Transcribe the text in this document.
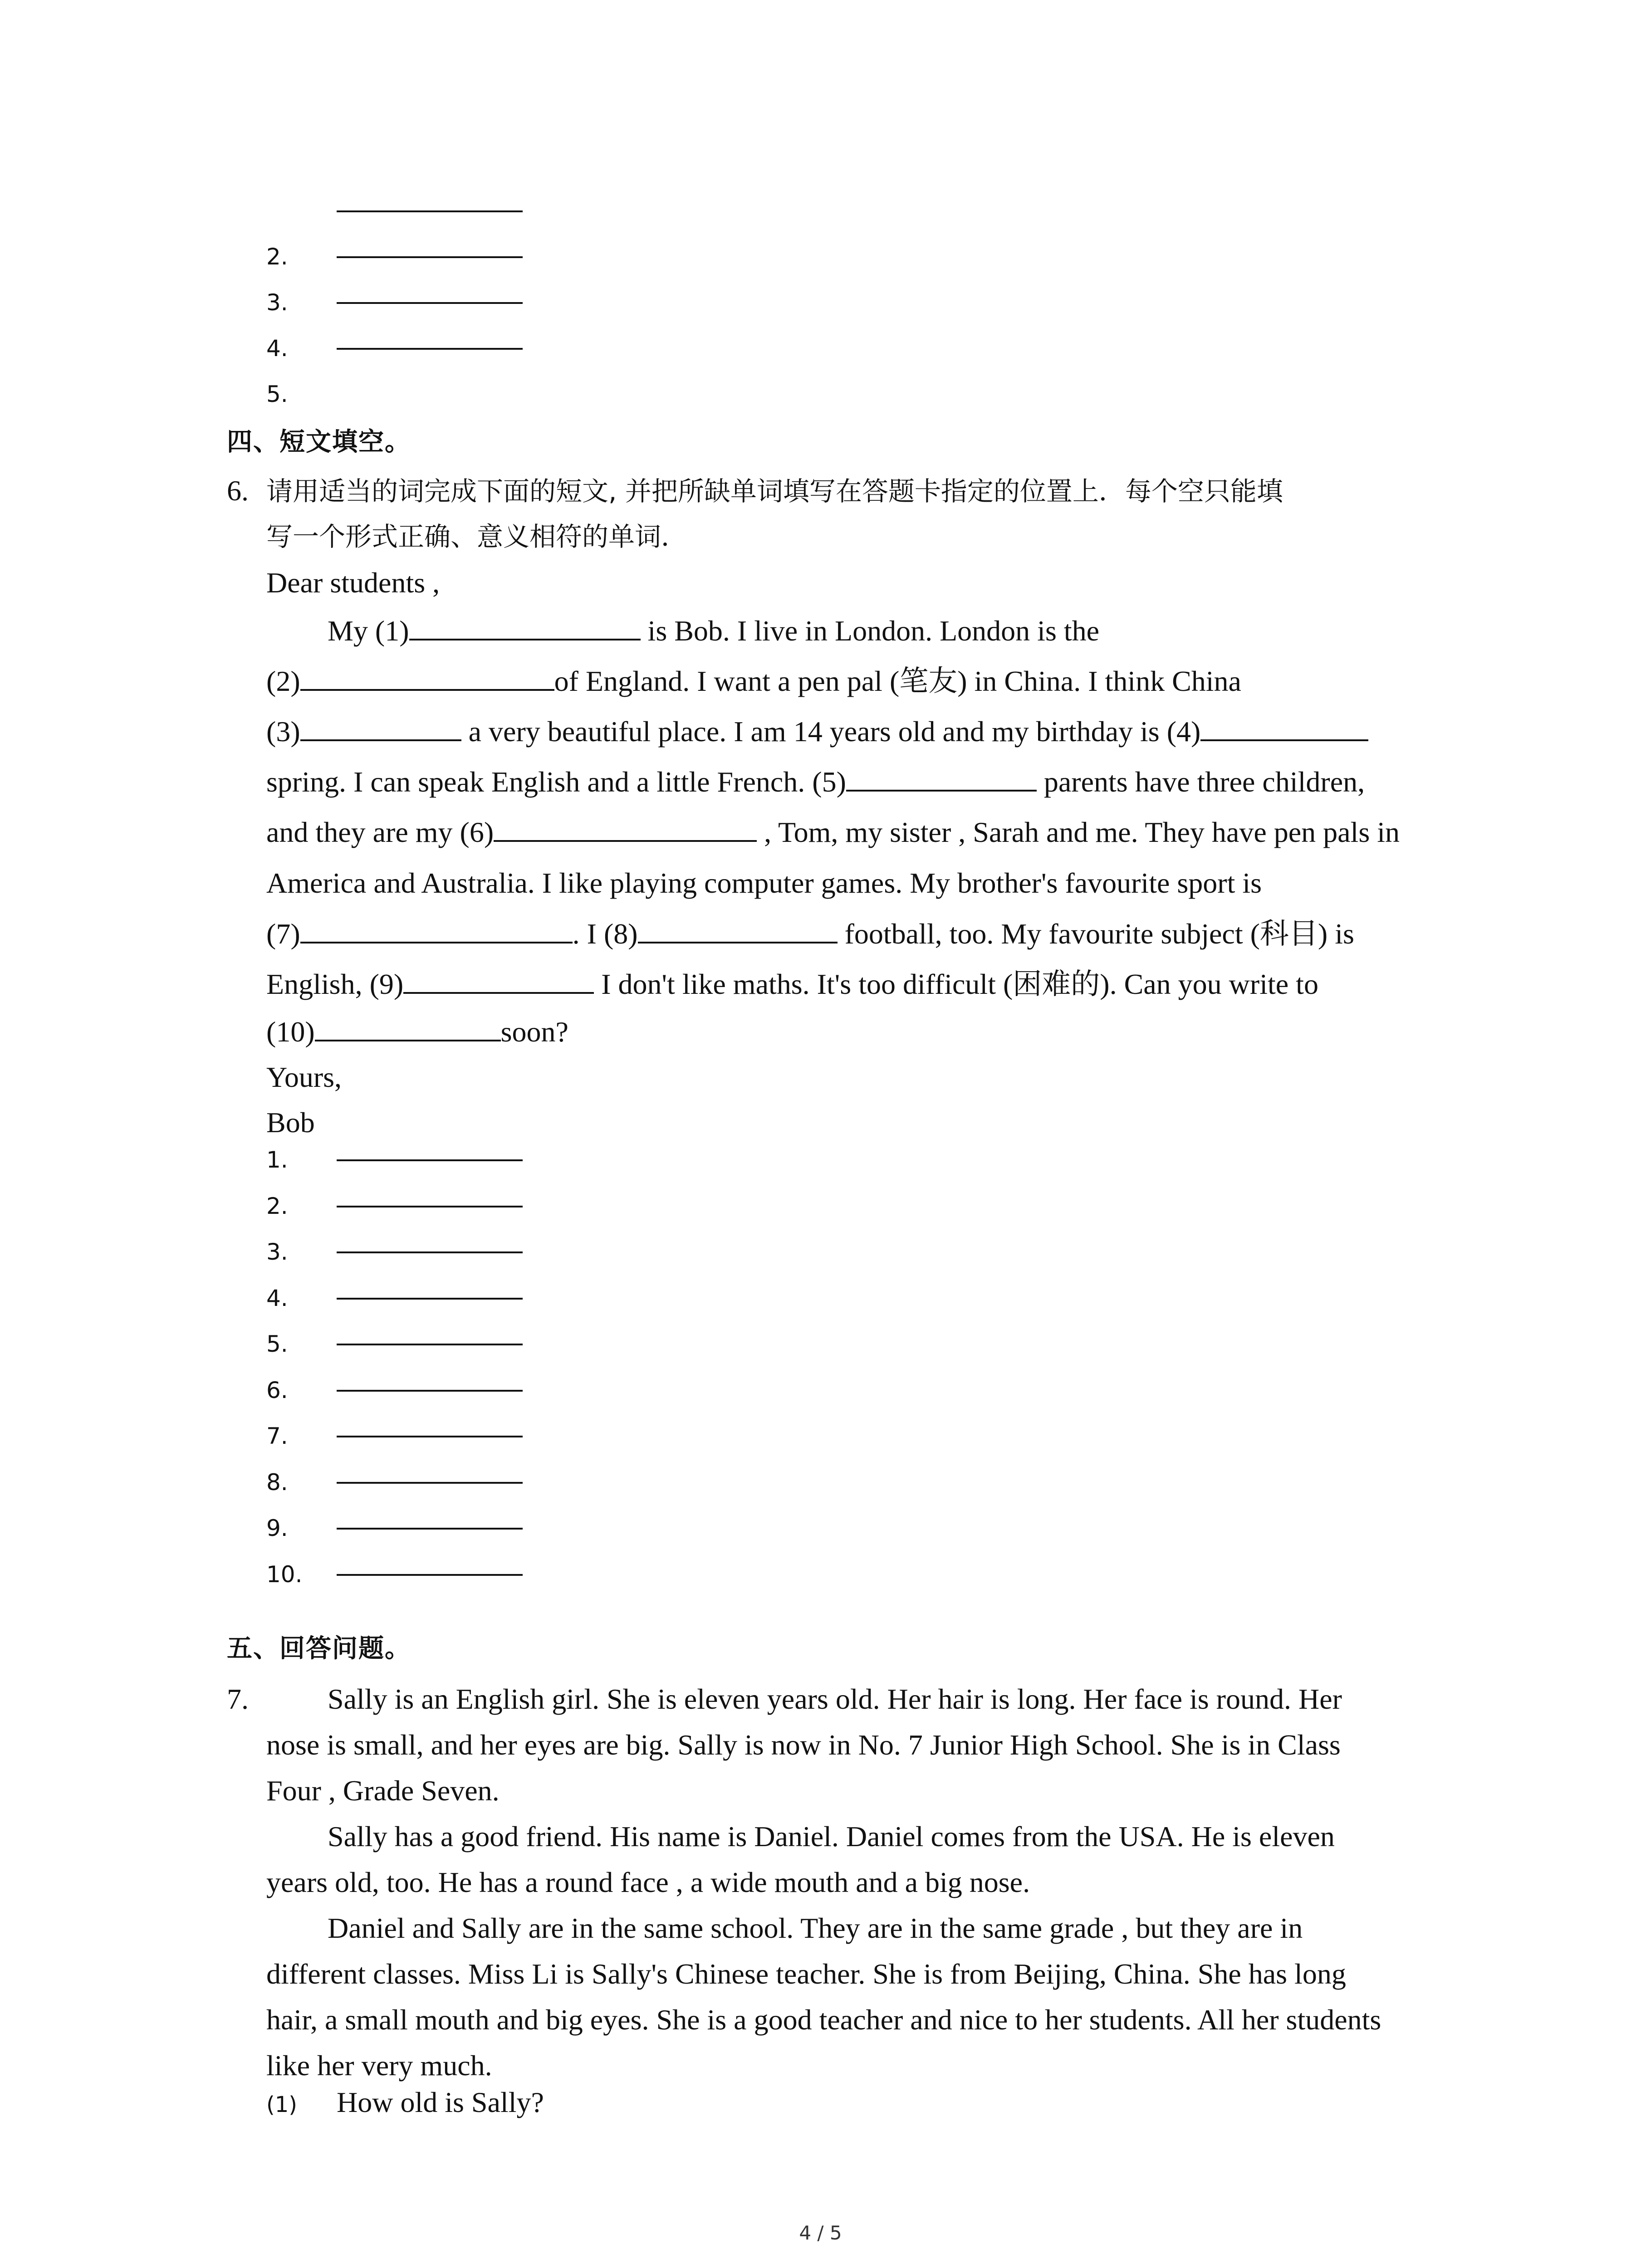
2.
3.
4.
5.
四、短文填空。
6. 请用适当的词完成下面的短文, 并把所缺单词填写在答题卡指定的位置上．每个空只能填
写一个形式正确、意义相符的单词．

Dear students ,

My (1)	is Bob. I live in London. London is the

(2)	of England. I want a pen pal (笔友) in China. I think China

(3)	a very beautiful place. I am 14 years old and my birthday is (4)

spring. I can speak English and a little French. (5)	parents have three children,

and they are my (6)	, Tom, my sister , Sarah and me. They have pen pals in

America and Australia. I like playing computer games. My brother's favourite sport is

(7)	. I (8)	football, too. My favourite subject (科目) is

English, (9)	I don't like maths. It's too difficult (困难的). Can you write to

(10)	soon?

Yours,

Bob

1.
2.
3.
4.
5.
6.
7.
8.
9.
10.
五、回答问题。
7.	Sally is an English girl. She is eleven years old. Her hair is long. Her face is round. Her
nose is small, and her eyes are big. Sally is now in No. 7 Junior High School. She is in Class
Four , Grade Seven.
Sally has a good friend. His name is Daniel. Daniel comes from the USA. He is eleven
years old, too. He has a round face , a wide mouth and a big nose.
Daniel and Sally are in the same school. They are in the same grade , but they are in
different classes. Miss Li is Sally's Chinese teacher. She is from Beijing, China. She has long
hair, a small mouth and big eyes. She is a good teacher and nice to her students. All her students
like her very much.
(1) How old is Sally?
4 / 5
